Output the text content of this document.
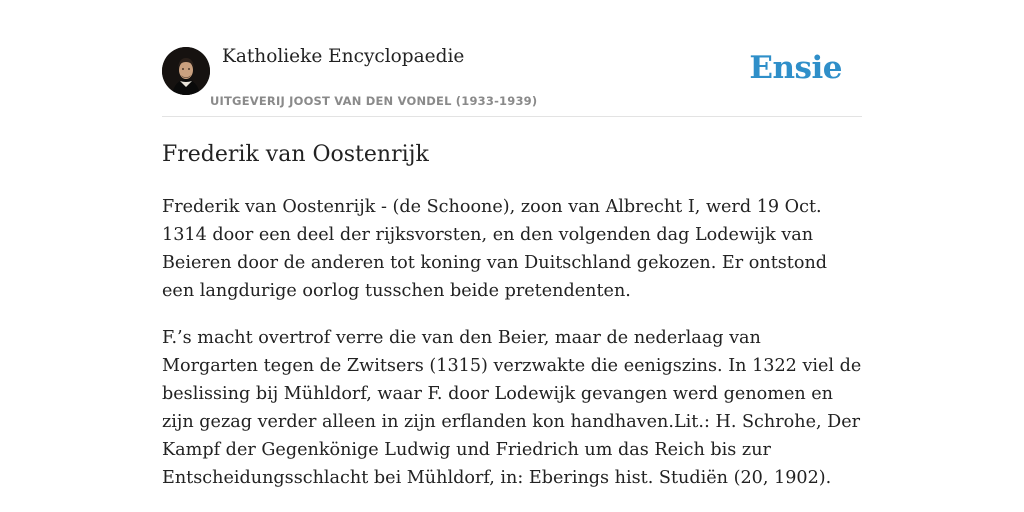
Katholieke Encyclopaedie
UITGEVERIJ JOOST VAN DEN VONDEL (1933-1939)
Ensie
Frederik van Oostenrijk

Frederik van Oostenrijk - (de Schoone), zoon van Albrecht I, werd 19 Oct. 1314 door een deel der rijksvorsten, en den volgenden dag Lodewijk van Beieren door de anderen tot koning van Duitschland gekozen. Er ontstond een langdurige oorlog tusschen beide pretendenten.

F.’s macht overtrof verre die van den Beier, maar de nederlaag van Morgarten tegen de Zwitsers (1315) verzwakte die eenigszins. In 1322 viel de beslissing bij Mühldorf, waar F. door Lodewijk gevangen werd genomen en zijn gezag verder alleen in zijn erflanden kon handhaven.Lit.: H. Schrohe, Der Kampf der Gegenkönige Ludwig und Friedrich um das Reich bis zur Entscheidungsschlacht bei Mühldorf, in: Eberings hist. Studiën (20, 1902).
